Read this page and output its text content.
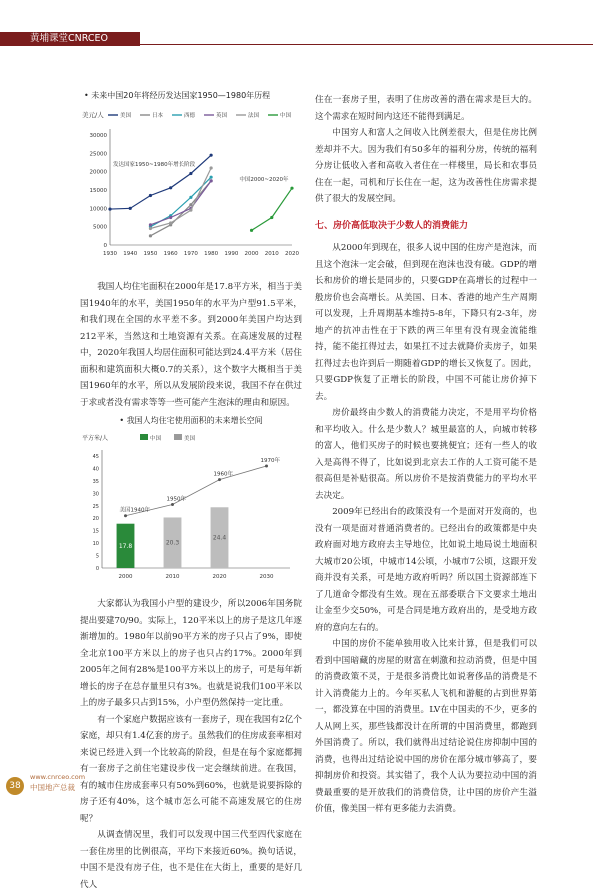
黄埔课堂CNRCEO

• 未来中国20年将经历发达国家1950—1980年历程

美元/人	美国	日本	西德	英国	法国	中国
0
5000
10000
15000
20000
25000
30000
1930 1940 1950 1960 1970 1980 1990 2000 2010 2020
发达国家1950~1980年增长阶段
中国2000~2020年

我国人均住宅面积在2000年是17.8平方米，相当于美国1940年的水平，美国1950年的水平为户型91.5平米，和我们现在全国的水平差不多。到2000年美国户均达到212平米，当然这和土地资源有关系。在高速发展的过程中，2020年我国人均居住面积可能达到24.4平方米（居住面积和建筑面积大概0.7的关系），这个数字大概相当于美国1960年的水平，所以从发展阶段来说，我国不存在供过于求或者没有需求等等一些可能产生泡沫的理由和原因。

• 我国人均住宅使用面积的未来增长空间

平方米/人	中国	美国
0
5
10
15
20
25
30
35
40
45
2000
17.8
2010
20.3
2020
24.4
2030
美国1940年
1950年
1960年
1970年

大家都认为我国小户型的建设少，所以2006年国务院提出要建70/90。实际上，120平米以上的房子是这几年逐渐增加的。1980年以前90平方米的房子只占了9%，即使全北京100平方米以上的房子也只占约17%。2000年到2005年之间有28%是100平方米以上的房子，可是每年新增长的房子在总存量里只有3%。也就是说我们100平米以上的房子最多只占到15%，小户型仍然保持一定比重。

有一个家庭户数据应该有一套房子，现在我国有2亿个家庭，却只有1.4亿套的房子。虽然我们的住房成套率相对来说已经进入到一个比较高的阶段，但是在每个家庭都拥有一套房子之前住宅建设步伐一定会继续前进。在我国，有的城市住房成套率只有50%到60%，也就是说要拆除的房子还有40%，这个城市怎么可能不高速发展它的住房呢？

从调查情况里，我们可以发现中国三代至四代家庭在一套住房里的比例很高，平均下来接近60%。换句话说，中国不是没有房子住，也不是住在大街上，重要的是好几代人

住在一套房子里，表明了住房改善的潜在需求是巨大的。这个需求在短时间内这还不能得到满足。

中国穷人和富人之间收入比例差很大，但是住房比例差却并不大。因为我们有50多年的福利分房，传统的福利分房让低收入者和高收入者住在一样楼里，局长和农事员住在一起，司机和厅长住在一起，这为改善性住房需求提供了很大的发展空间。

七、房价高低取决于少数人的消费能力

从2000年到现在，很多人说中国的住房产是泡沫，而且这个泡沫一定会破，但到现在泡沫也没有破。GDP的增长和房价的增长是同步的，只要GDP在高增长的过程中一般房价也会高增长。从美国、日本、香港的地产生产周期可以发现，上升周期基本维持5-8年，下降只有2-3年，房地产的抗冲击性在于下跌的两三年里有没有现金流能维持，能不能扛得过去，如果扛不过去就降价卖房子，如果扛得过去也许到后一期随着GDP的增长又恢复了。因此，只要GDP恢复了正增长的阶段，中国不可能让房价掉下去。

房价最终由少数人的消费能力决定，不是用平均价格和平均收入。什么是少数人？城里最富的人，向城市转移的富人，他们买房子的时候也要挑便宜；还有一些人的收入是高得不得了，比如说到北京去工作的人工资可能不是很高但是补贴很高。所以房价不是按消费能力的平均水平去决定。

2009年已经出台的政策没有一个是面对开发商的，也没有一项是面对普通消费者的。已经出台的政策都是中央政府面对地方政府去主导地位，比如说土地局说土地面积大城市20公顷，中城市14公顷，小城市7公顷，这跟开发商并没有关系，可是地方政府听吗？所以国土资源部连下了几道命令都没有生效。现在五部委联合下文要求土地出让金至少交50%，可是合同是地方政府出的，是受地方政府的意向左右的。

中国的房价不能单独用收入比来计算，但是我们可以看到中国暗藏的房屋的财富在刺激和拉动消费，但是中国的消费政策不灵，于是很多消费比如说奢侈品的消费是不计入消费能力上的。今年买私人飞机和游艇的占到世界第一，都没算在中国的消费里。LV在中国卖的不少，更多的人从网上买，那些钱都没计在所谓的中国消费里，都跑到外国消费了。所以，我们就得出过结论说住房抑制中国的消费，也得出过结论说中国的房价在部分城市够高了，要抑制房价和投资。其实错了，我个人认为要拉动中国的消费最重要的是开放我们的消费信贷，让中国的房价产生溢价值，像美国一样有更多能力去消费。

38
www.cnrceo.com
中国地产总裁
